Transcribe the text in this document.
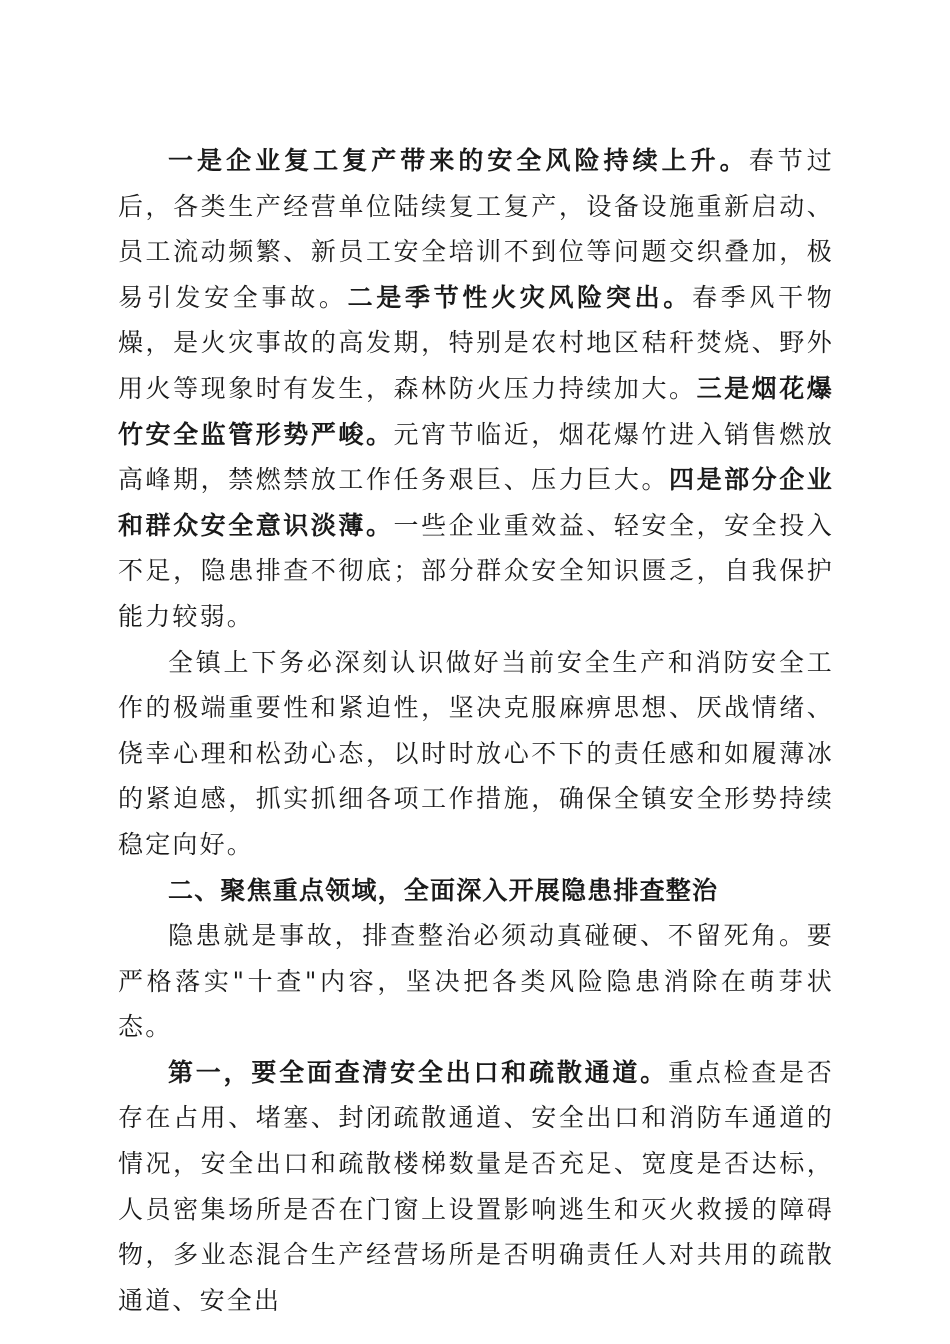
一是企业复工复产带来的安全风险持续上升。春节过后，各类生产经营单位陆续复工复产，设备设施重新启动、员工流动频繁、新员工安全培训不到位等问题交织叠加，极易引发安全事故。二是季节性火灾风险突出。春季风干物燥，是火灾事故的高发期，特别是农村地区秸秆焚烧、野外用火等现象时有发生，森林防火压力持续加大。三是烟花爆竹安全监管形势严峻。元宵节临近，烟花爆竹进入销售燃放高峰期，禁燃禁放工作任务艰巨、压力巨大。四是部分企业和群众安全意识淡薄。一些企业重效益、轻安全，安全投入不足，隐患排查不彻底；部分群众安全知识匮乏，自我保护能力较弱。

全镇上下务必深刻认识做好当前安全生产和消防安全工作的极端重要性和紧迫性，坚决克服麻痹思想、厌战情绪、侥幸心理和松劲心态，以时时放心不下的责任感和如履薄冰的紧迫感，抓实抓细各项工作措施，确保全镇安全形势持续稳定向好。

二、聚焦重点领域，全面深入开展隐患排查整治

隐患就是事故，排查整治必须动真碰硬、不留死角。要严格落实"十查"内容，坚决把各类风险隐患消除在萌芽状态。

第一，要全面查清安全出口和疏散通道。重点检查是否存在占用、堵塞、封闭疏散通道、安全出口和消防车通道的情况，安全出口和疏散楼梯数量是否充足、宽度是否达标，人员密集场所是否在门窗上设置影响逃生和灭火救援的障碍物，多业态混合生产经营场所是否明确责任人对共用的疏散通道、安全出
